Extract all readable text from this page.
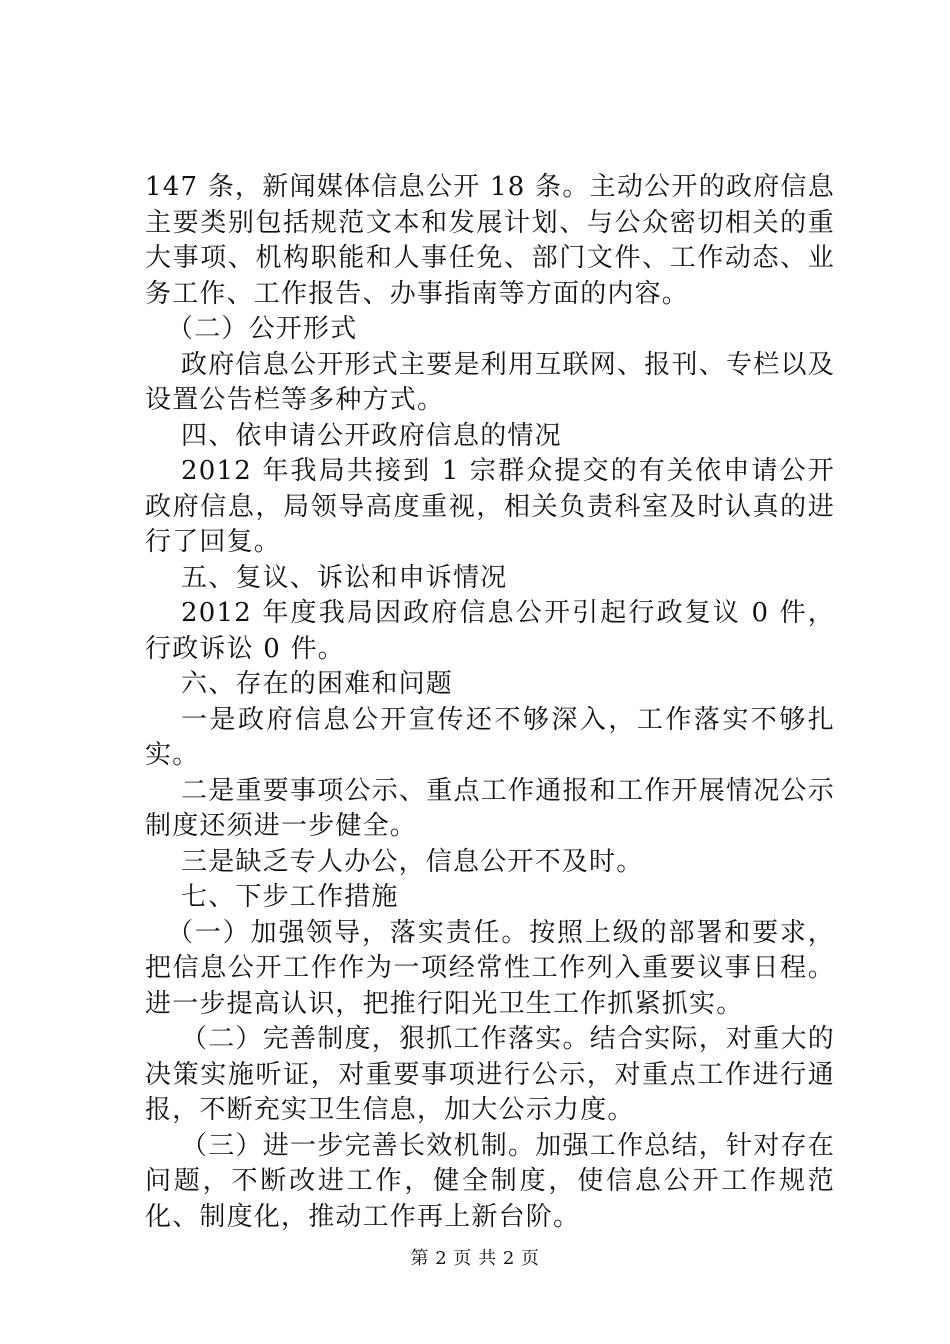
147 条，新闻媒体信息公开 18 条。主动公开的政府信息主要类别包括规范文本和发展计划、与公众密切相关的重大事项、机构职能和人事任免、部门文件、工作动态、业务工作、工作报告、办事指南等方面的内容。

（二）公开形式

政府信息公开形式主要是利用互联网、报刊、专栏以及设置公告栏等多种方式。

四、依申请公开政府信息的情况

2012 年我局共接到 1 宗群众提交的有关依申请公开政府信息，局领导高度重视，相关负责科室及时认真的进行了回复。

五、复议、诉讼和申诉情况

2012 年度我局因政府信息公开引起行政复议 0 件，行政诉讼 0 件。

六、存在的困难和问题

一是政府信息公开宣传还不够深入，工作落实不够扎实。

二是重要事项公示、重点工作通报和工作开展情况公示制度还须进一步健全。

三是缺乏专人办公，信息公开不及时。

七、下步工作措施

（一）加强领导，落实责任。按照上级的部署和要求，把信息公开工作作为一项经常性工作列入重要议事日程。进一步提高认识，把推行阳光卫生工作抓紧抓实。

（二）完善制度，狠抓工作落实。结合实际，对重大的决策实施听证，对重要事项进行公示，对重点工作进行通报，不断充实卫生信息，加大公示力度。

（三）进一步完善长效机制。加强工作总结，针对存在问题，不断改进工作，健全制度，使信息公开工作规范化、制度化，推动工作再上新台阶。

第 2 页 共 2 页
